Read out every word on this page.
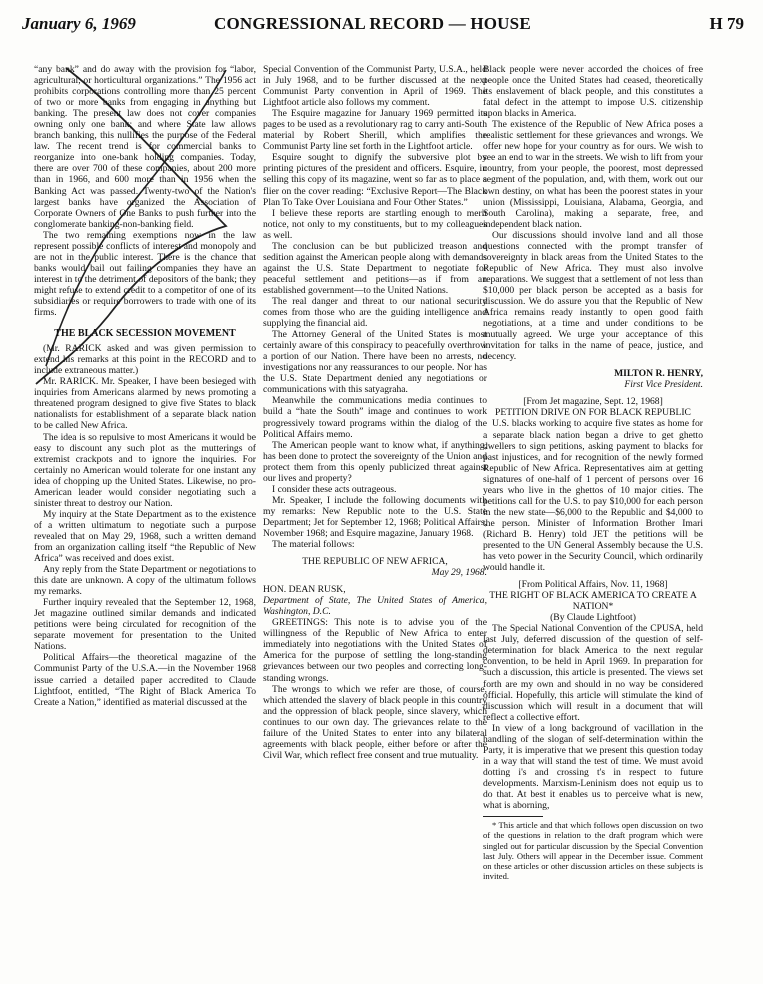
January 6, 1969	CONGRESSIONAL RECORD — HOUSE	H 79

“any bank” and do away with the provision for “labor, agricultural, or horticultural organizations.” The 1956 act prohibits corporations controlling more than 25 percent of two or more banks from engaging in anything but banking. The present law does not cover companies owning only one bank; and where State law allows branch banking, this nullifies the purpose of the Federal law. The recent trend is for commercial banks to reorganize into one-bank holding companies. Today, there are over 700 of these companies, about 200 more than in 1966, and 600 more than in 1956 when the Banking Act was passed. Twenty-two of the Nation's largest banks have organized the Association of Corporate Owners of One Banks to push further into the conglomerate banking-non-banking field.

The two remaining exemptions now in the law represent possible conflicts of interest and monopoly and are not in the public interest. There is the chance that banks would bail out failing companies they have an interest in to the detriment of depositors of the bank; they might refuse to extend credit to a competitor of one of its subsidiaries or require borrowers to trade with one of its firms.

THE BLACK SECESSION MOVEMENT

(Mr. RARICK asked and was given permission to extend his remarks at this point in the RECORD and to include extraneous matter.)

Mr. RARICK. Mr. Speaker, I have been besieged with inquiries from Americans alarmed by news promoting a threatened program designed to give five States to black nationalists for establishment of a separate black nation to be called New Africa.

The idea is so repulsive to most Americans it would be easy to discount any such plot as the mutterings of extremist crackpots and to ignore the inquiries. For certainly no American would tolerate for one instant any idea of chopping up the United States. Likewise, no pro-American leader would consider negotiating such a sinister threat to destroy our Nation.

My inquiry at the State Department as to the existence of a written ultimatum to negotiate such a purpose revealed that on May 29, 1968, such a written demand from an organization calling itself “the Republic of New Africa” was received and does exist.

Any reply from the State Department or negotiations to this date are unknown. A copy of the ultimatum follows my remarks.

Further inquiry revealed that the September 12, 1968, Jet magazine outlined similar demands and indicated petitions were being circulated for recognition of the separate movement for presentation to the United Nations.

Political Affairs—the theoretical magazine of the Communist Party of the U.S.A.—in the November 1968 issue carried a detailed paper accredited to Claude Lightfoot, entitled, “The Right of Black America To Create a Nation,” identified as material discussed at the

Special Convention of the Communist Party, U.S.A., held in July 1968, and to be further discussed at the next Communist Party convention in April of 1969. The Lightfoot article also follows my comment.

The Esquire magazine for January 1969 permitted its pages to be used as a revolutionary rag to carry anti-South material by Robert Sherill, which amplifies the Communist Party line set forth in the Lightfoot article.

Esquire sought to dignify the subversive plot by printing pictures of the president and officers. Esquire, in selling this copy of its magazine, went so far as to place a flier on the cover reading: “Exclusive Report—The Black Plan To Take Over Louisiana and Four Other States.”

I believe these reports are startling enough to merit notice, not only to my constituents, but to my colleagues as well.

The conclusion can be but publicized treason and sedition against the American people along with demands against the U.S. State Department to negotiate for peaceful settlement and petitions—as if from an established government—to the United Nations.

The real danger and threat to our national security comes from those who are the guiding intelligence and supplying the financial aid.

The Attorney General of the United States is most certainly aware of this conspiracy to peacefully overthrow a portion of our Nation. There have been no arrests, no investigations nor any reassurances to our people. Nor has the U.S. State Department denied any negotiations or communications with this satyagraha.

Meanwhile the communications media continues to build a “hate the South” image and continues to work progressively toward programs within the dialog of the Political Affairs memo.

The American people want to know what, if anything, has been done to protect the sovereignty of the Union and protect them from this openly publicized threat against our lives and property?

I consider these acts outrageous.

Mr. Speaker, I include the following documents with my remarks: New Republic note to the U.S. State Department; Jet for September 12, 1968; Political Affairs, November 1968; and Esquire magazine, January 1968.

The material follows:

THE REPUBLIC OF NEW AFRICA,

May 29, 1968.

HON. DEAN RUSK,

Department of State, The United States of America, Washington, D.C.

GREETINGS: This note is to advise you of the willingness of the Republic of New Africa to enter immediately into negotiations with the United States of America for the purpose of settling the long-standing grievances between our two peoples and correcting long-standing wrongs.

The wrongs to which we refer are those, of course, which attended the slavery of black people in this country and the oppression of black people, since slavery, which continues to our own day. The grievances relate to the failure of the United States to enter into any bilateral agreements with black people, either before or after the Civil War, which reflect free consent and true mutuality.

Black people were never accorded the choices of free people once the United States had ceased, theoretically its enslavement of black people, and this constitutes a fatal defect in the attempt to impose U.S. citizenship upon blacks in America.

The existence of the Republic of New Africa poses a realistic settlement for these grievances and wrongs. We offer new hope for your country as for ours. We wish to see an end to war in the streets. We wish to lift from your country, from your people, the poorest, most depressed segment of the population, and, with them, work out our own destiny, on what has been the poorest states in your union (Mississippi, Louisiana, Alabama, Georgia, and South Carolina), making a separate, free, and independent black nation.

Our discussions should involve land and all those questions connected with the prompt transfer of sovereignty in black areas from the United States to the Republic of New Africa. They must also involve reparations. We suggest that a settlement of not less than $10,000 per black person be accepted as a basis for discussion. We do assure you that the Republic of New Africa remains ready instantly to open good faith negotiations, at a time and under conditions to be mutually agreed. We urge your acceptance of this invitation for talks in the name of peace, justice, and decency.

MILTON R. HENRY,

First Vice President.

[From Jet magazine, Sept. 12, 1968]

PETITION DRIVE ON FOR BLACK REPUBLIC

U.S. blacks working to acquire five states as home for a separate black nation began a drive to get ghetto dwellers to sign petitions, asking payment to blacks for past injustices, and for recognition of the newly formed Republic of New Africa. Representatives aim at getting signatures of one-half of 1 percent of persons over 16 years who live in the ghettos of 10 major cities. The petitions call for the U.S. to pay $10,000 for each person in the new state—$6,000 to the Republic and $4,000 to the person. Minister of Information Brother Imari (Richard B. Henry) told JET the petitions will be presented to the UN General Assembly because the U.S. has veto power in the Security Council, which ordinarily would handle it.

[From Political Affairs, Nov. 11, 1968]

THE RIGHT OF BLACK AMERICA TO CREATE A NATION*

(By Claude Lightfoot)

The Special National Convention of the CPUSA, held last July, deferred discussion of the question of self-determination for black America to the next regular convention, to be held in April 1969. In preparation for such a discussion, this article is presented. The views set forth are my own and should in no way be considered official. Hopefully, this article will stimulate the kind of discussion which will result in a document that will reflect a collective effort.

In view of a long background of vacillation in the handling of the slogan of self-determination within the Party, it is imperative that we present this question today in a way that will stand the test of time. We must avoid dotting i's and crossing t's in respect to future developments. Marxism-Leninism does not equip us to do that. At best it enables us to perceive what is new, what is aborning,

* This article and that which follows open discussion on two of the questions in relation to the draft program which were singled out for particular discussion by the Special Convention last July. Others will appear in the December issue. Comment on these articles or other discussion articles on these subjects is invited.
